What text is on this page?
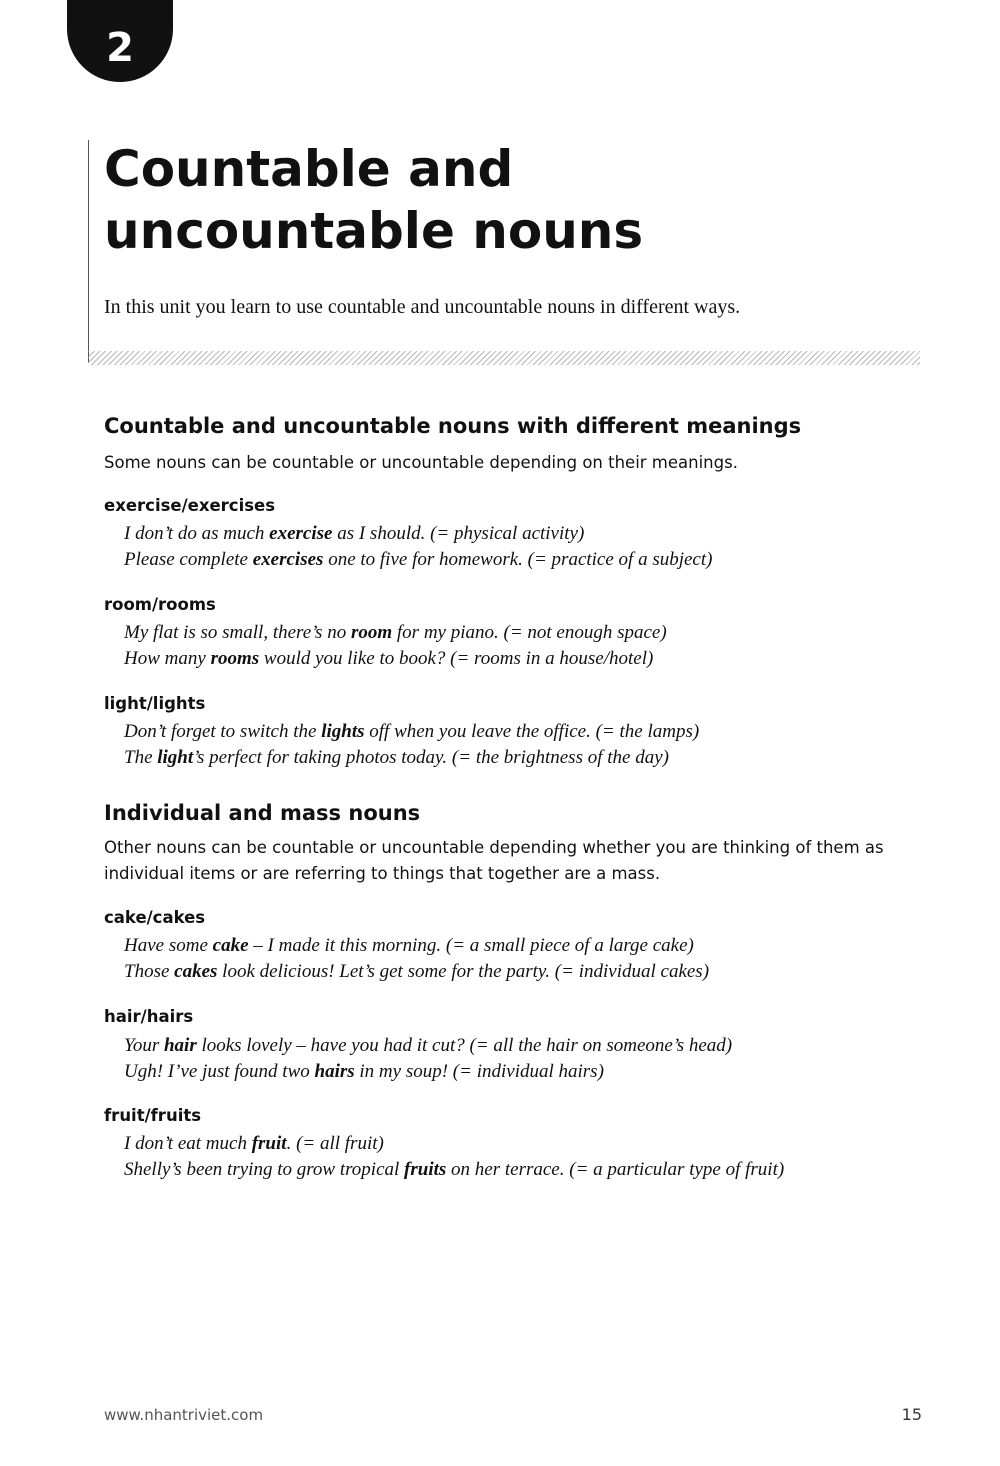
2
Countable and uncountable nouns

In this unit you learn to use countable and uncountable nouns in different ways.

Countable and uncountable nouns with different meanings

Some nouns can be countable or uncountable depending on their meanings.

exercise/exercises

I don’t do as much exercise as I should. (= physical activity)

Please complete exercises one to five for homework. (= practice of a subject)

room/rooms

My flat is so small, there’s no room for my piano. (= not enough space)

How many rooms would you like to book? (= rooms in a house/hotel)

light/lights

Don’t forget to switch the lights off when you leave the office. (= the lamps)

The light’s perfect for taking photos today. (= the brightness of the day)

Individual and mass nouns

Other nouns can be countable or uncountable depending whether you are thinking of them as individual items or are referring to things that together are a mass.

cake/cakes

Have some cake – I made it this morning. (= a small piece of a large cake)

Those cakes look delicious! Let’s get some for the party. (= individual cakes)

hair/hairs

Your hair looks lovely – have you had it cut? (= all the hair on someone’s head)

Ugh! I’ve just found two hairs in my soup! (= individual hairs)

fruit/fruits

I don’t eat much fruit. (= all fruit)

Shelly’s been trying to grow tropical fruits on her terrace. (= a particular type of fruit)

www.nhantriviet.com	15
